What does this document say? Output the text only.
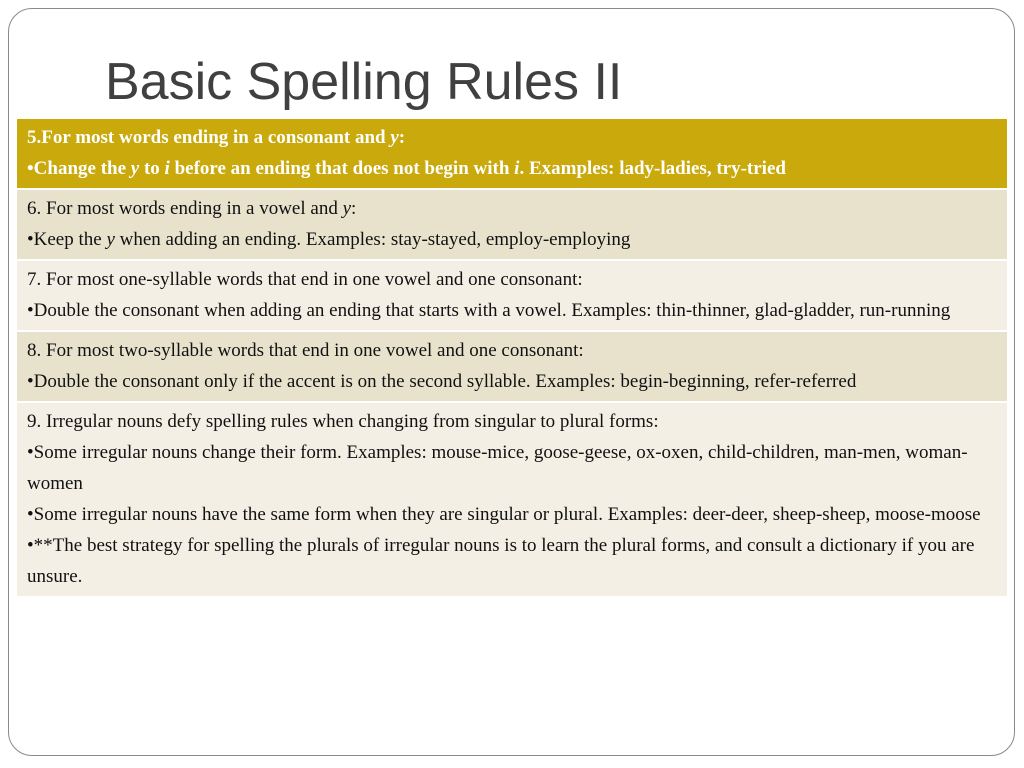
Basic Spelling Rules II
5.For most words ending in a consonant and y:
•Change the y to i before an ending that does not begin with i. Examples: lady-ladies, try-tried

6. For most words ending in a vowel and y:
•Keep the y when adding an ending. Examples: stay-stayed, employ-employing

7. For most one-syllable words that end in one vowel and one consonant:
•Double the consonant when adding an ending that starts with a vowel. Examples: thin-thinner, glad-gladder, run-running

8. For most two-syllable words that end in one vowel and one consonant:
•Double the consonant only if the accent is on the second syllable. Examples: begin-beginning, refer-referred

9. Irregular nouns defy spelling rules when changing from singular to plural forms:
•Some irregular nouns change their form. Examples: mouse-mice, goose-geese, ox-oxen, child-children, man-men, woman-women
•Some irregular nouns have the same form when they are singular or plural. Examples: deer-deer, sheep-sheep, moose-moose
•**The best strategy for spelling the plurals of irregular nouns is to learn the plural forms, and consult a dictionary if you are unsure.
